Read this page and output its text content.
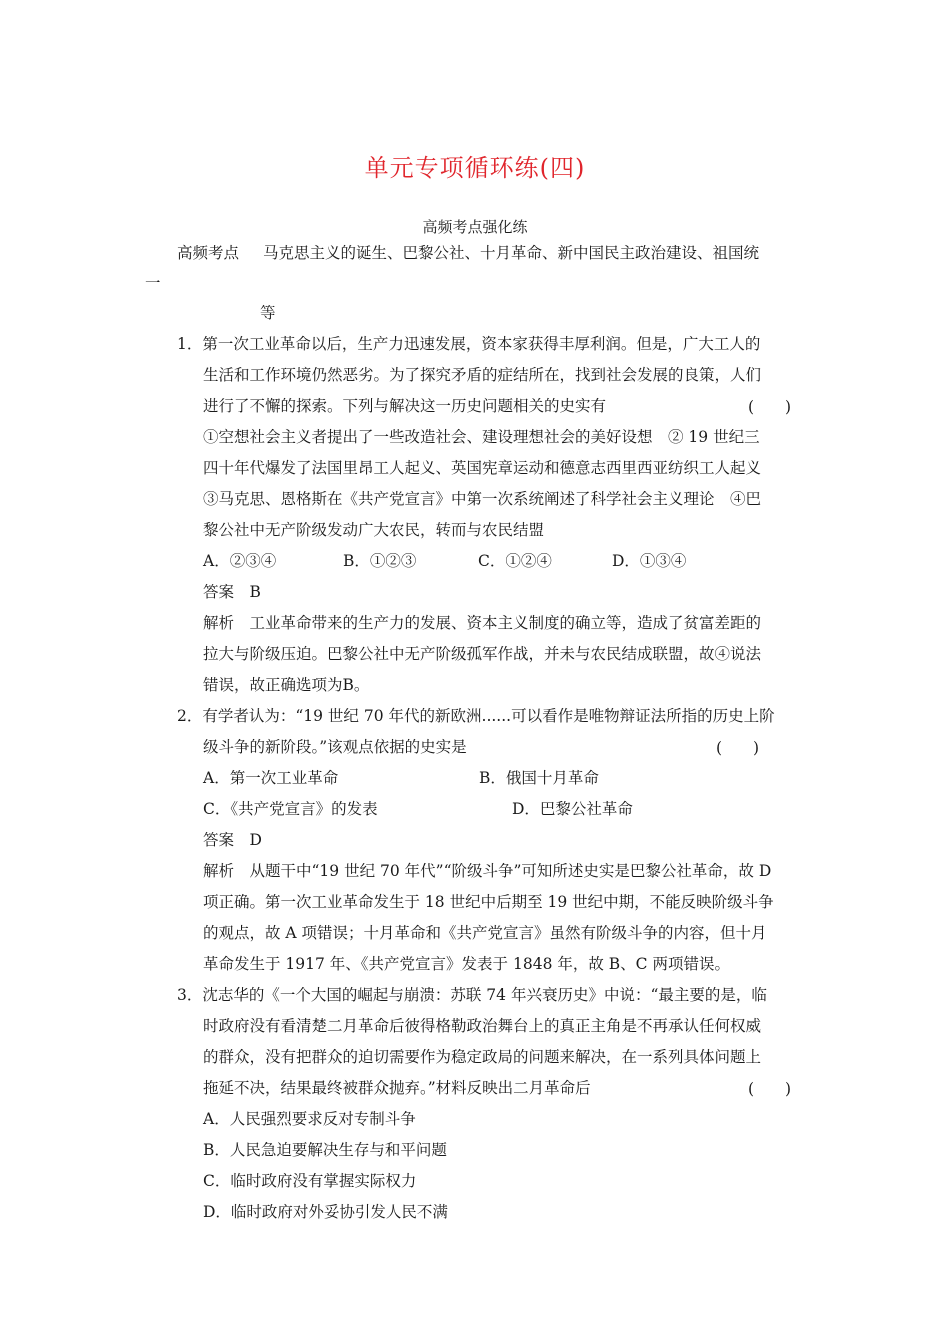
单元专项循环练(四)
高频考点强化练
高频考点 马克思主义的诞生、巴黎公社、十月革命、新中国民主政治建设、祖国统
一
等
1．第一次工业革命以后，生产力迅速发展，资本家获得丰厚利润。但是，广大工人的
生活和工作环境仍然恶劣。为了探究矛盾的症结所在，找到社会发展的良策，人们
进行了不懈的探索。下列与解决这一历史问题相关的史实有	(　　)
①空想社会主义者提出了一些改造社会、建设理想社会的美好设想　② 19 世纪三
四十年代爆发了法国里昂工人起义、英国宪章运动和德意志西里西亚纺织工人起义
③马克思、恩格斯在《共产党宣言》中第一次系统阐述了科学社会主义理论　④巴
黎公社中无产阶级发动广大农民，转而与农民结盟
A．②③④	B．①②③	C．①②④	D．①③④
答案　B
解析　工业革命带来的生产力的发展、资本主义制度的确立等，造成了贫富差距的
拉大与阶级压迫。巴黎公社中无产阶级孤军作战，并未与农民结成联盟，故④说法
错误，故正确选项为B。
2．有学者认为：“19 世纪 70 年代的新欧洲......可以看作是唯物辩证法所指的历史上阶
级斗争的新阶段。”该观点依据的史实是	(　　)
A．第一次工业革命	B．俄国十月革命
C．《共产党宣言》的发表	D．巴黎公社革命
答案　D
解析　从题干中“19 世纪 70 年代”“阶级斗争”可知所述史实是巴黎公社革命，故 D
项正确。第一次工业革命发生于 18 世纪中后期至 19 世纪中期，不能反映阶级斗争
的观点，故 A 项错误；十月革命和《共产党宣言》虽然有阶级斗争的内容，但十月
革命发生于 1917 年、《共产党宣言》发表于 1848 年，故 B、C 两项错误。
3．沈志华的《一个大国的崛起与崩溃：苏联 74 年兴衰历史》中说：“最主要的是，临
时政府没有看清楚二月革命后彼得格勒政治舞台上的真正主角是不再承认任何权威
的群众，没有把群众的迫切需要作为稳定政局的问题来解决，在一系列具体问题上
拖延不决，结果最终被群众抛弃。”材料反映出二月革命后	(　　)
A．人民强烈要求反对专制斗争
B．人民急迫要解决生存与和平问题
C．临时政府没有掌握实际权力
D．临时政府对外妥协引发人民不满
